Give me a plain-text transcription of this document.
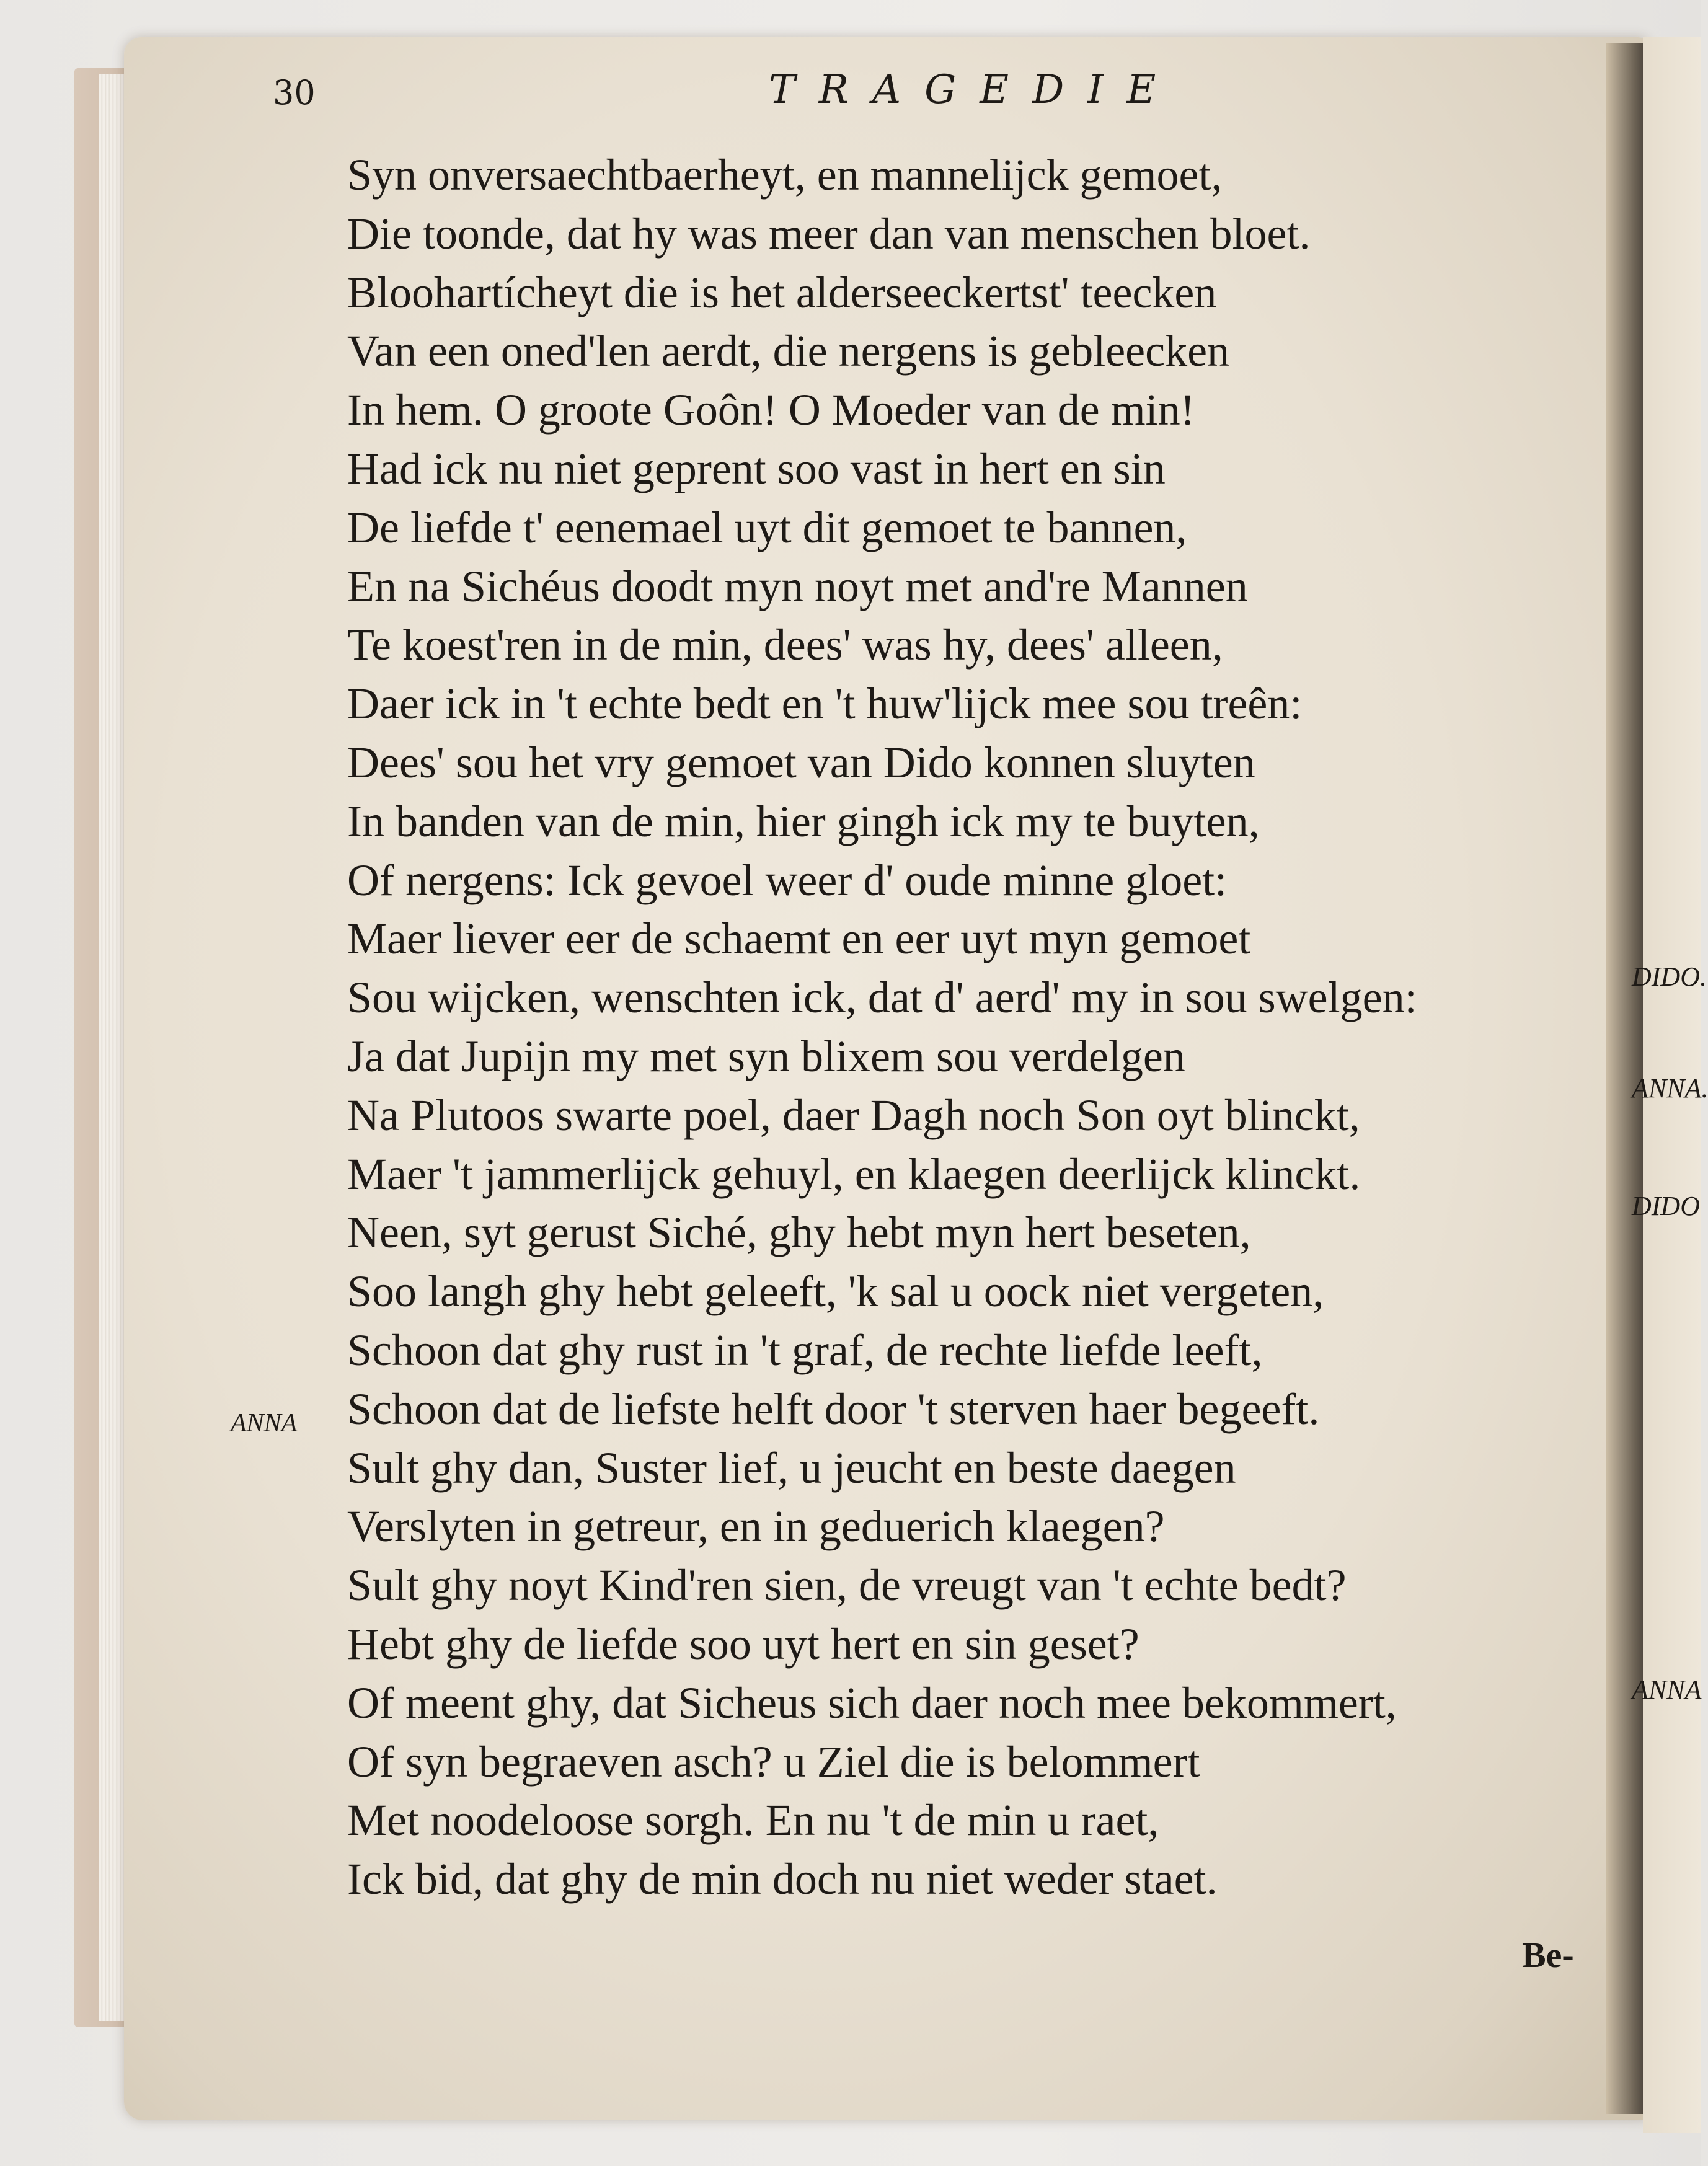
30	TRAGEDIE
ANNA
Syn onversaechtbaerheyt, en mannelijck gemoet,
Die toonde, dat hy was meer dan van menschen bloet.
Bloohartícheyt die is het alderseeckertst' teecken
Van een oned'len aerdt, die nergens is gebleecken
In hem. O groote Goôn! O Moeder van de min!
Had ick nu niet geprent soo vast in hert en sin
De liefde t' eenemael uyt dit gemoet te bannen,
En na Sichéus doodt myn noyt met and're Mannen
Te koest'ren in de min, dees' was hy, dees' alleen,
Daer ick in 't echte bedt en 't huw'lijck mee sou treên:
Dees' sou het vry gemoet van Dido konnen sluyten
In banden van de min, hier gingh ick my te buyten,
Of nergens: Ick gevoel weer d' oude minne gloet:
Maer liever eer de schaemt en eer uyt myn gemoet
Sou wijcken, wenschten ick, dat d' aerd' my in sou swelgen:
Ja dat Jupijn my met syn blixem sou verdelgen
Na Plutoos swarte poel, daer Dagh noch Son oyt blinckt,
Maer 't jammerlijck gehuyl, en klaegen deerlijck klinckt.
Neen, syt gerust Siché, ghy hebt myn hert beseten,
Soo langh ghy hebt geleeft, 'k sal u oock niet vergeten,
Schoon dat ghy rust in 't graf, de rechte liefde leeft,
Schoon dat de liefste helft door 't sterven haer begeeft.
Sult ghy dan, Suster lief, u jeucht en beste daegen
Verslyten in getreur, en in geduerich klaegen?
Sult ghy noyt Kind'ren sien, de vreugt van 't echte bedt?
Hebt ghy de liefde soo uyt hert en sin geset?
Of meent ghy, dat Sicheus sich daer noch mee bekommert,
Of syn begraeven asch? u Ziel die is belommert
Met noodeloose sorgh. En nu 't de min u raet,
Ick bid, dat ghy de min doch nu niet weder staet.
Be-
DIDO.
ANNA.
DIDO
ANNA
